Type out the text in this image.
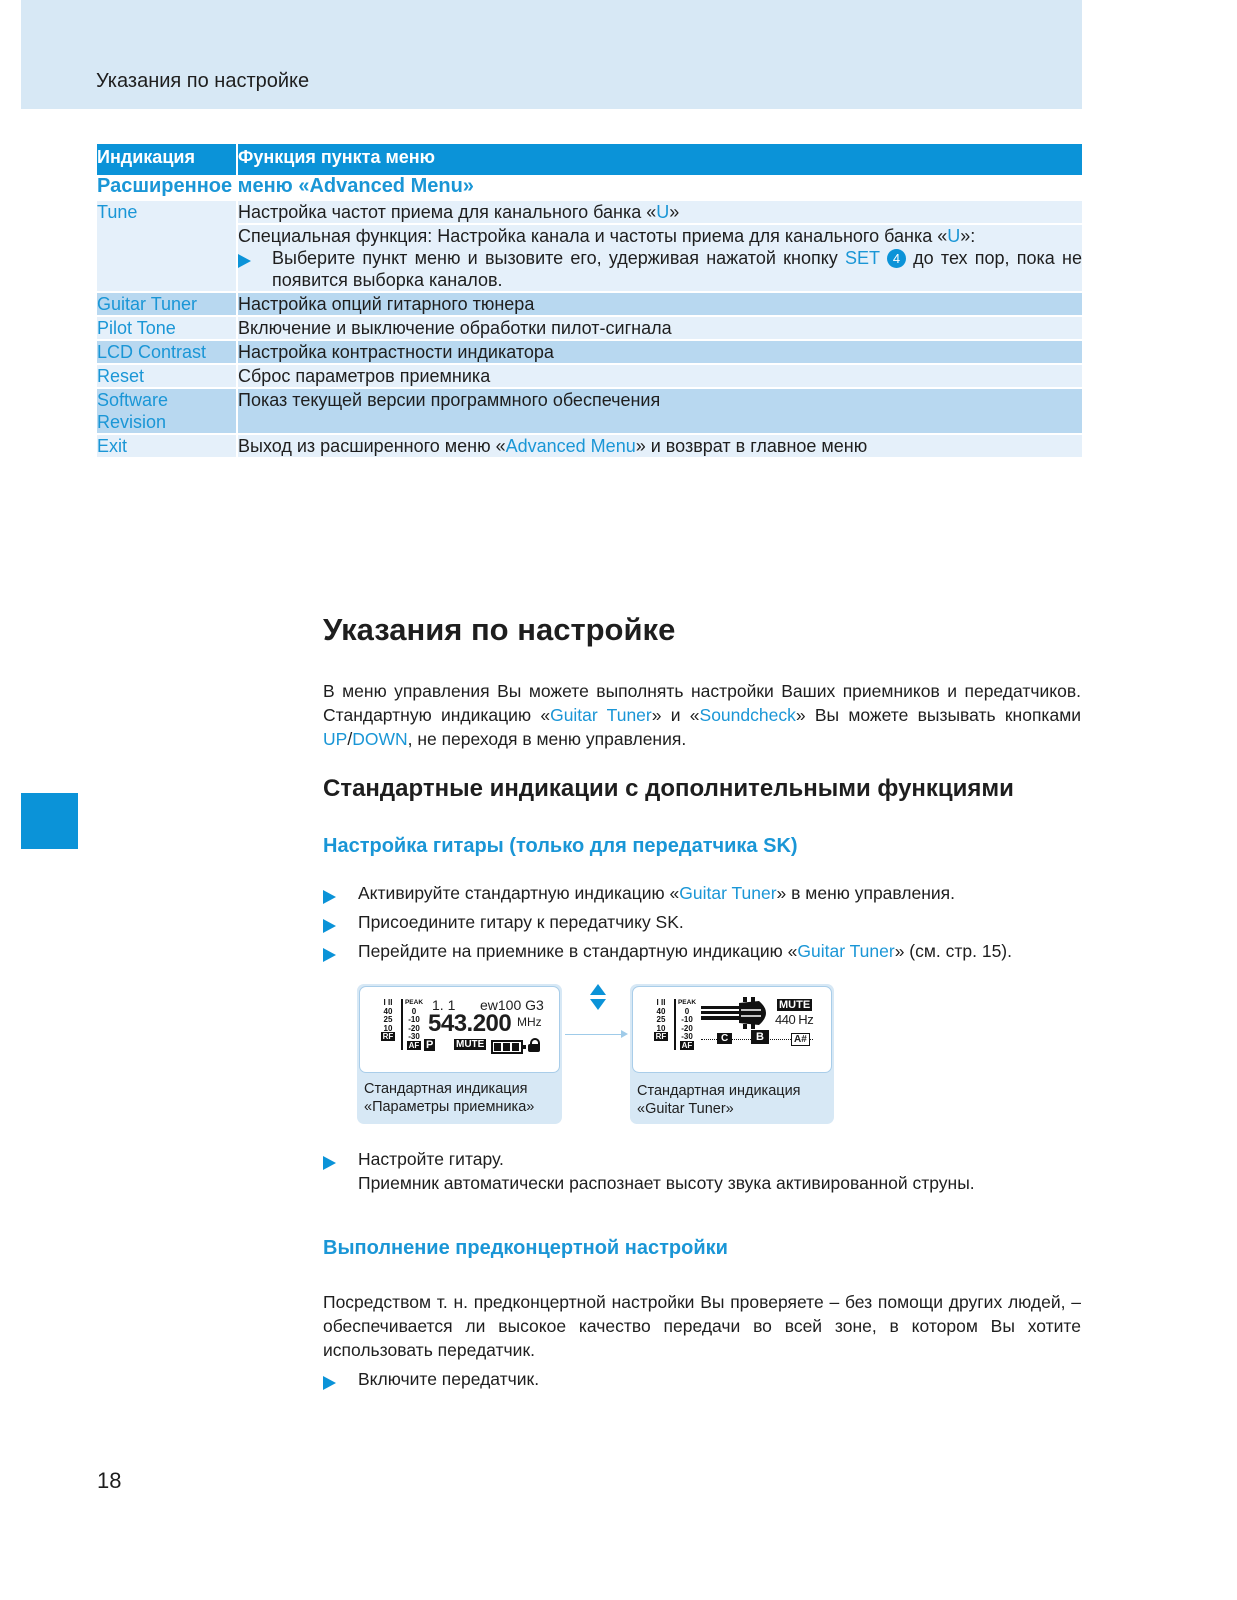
Указания по настройке
Индикация	Функция пункта меню
Расширенное меню «Advanced Menu»	
Tune	Настройка частот приема для канального банка «U»

	Специальная функция: Настройка канала и частоты приема для канального банка «U»:
Выберите пункт меню и вызовите его, удерживая нажатой кнопку SET 4 до тех пор, пока не появится выборка каналов.

Guitar Tuner	Настройка опций гитарного тюнера
Pilot Tone	Включение и выключение обработки пилот-сигнала
LCD Contrast	Настройка контрастности индикатора
Reset	Сброс параметров приемника
Software Revision	Показ текущей версии программного обеспечения
Exit	Выход из расширенного меню «Advanced Menu» и возврат в главное меню
Указания по настройке
В меню управления Вы можете выполнять настройки Ваших приемников и передатчиков. Стандартную индикацию «Guitar Tuner» и «Soundcheck» Вы можете вызывать кнопками UP/DOWN, не переходя в меню управления.
Стандартные индикации с дополнительными функциями
Настройка гитары (только для передатчика SK)
Активируйте стандартную индикацию «Guitar Tuner» в меню управления.
Присоедините гитару к передатчику SK.
Перейдите на приемнике в стандартную индикацию «Guitar Tuner» (см. стр. 15).
I II
40
25
10
RF
PEAK
0
-10
-20
-30
AF
1. 1 ew100 G3
543.200 MHz
P MUTE
Стандартная индикация
«Параметры приемника»
I II
40
25
10
RF
PEAK
0
-10
-20
-30
AF
MUTE
440 Hz
C	B	A#
Стандартная индикация
«Guitar Tuner»
Настройте гитару.
Приемник автоматически распознает высоту звука активированной струны.
Выполнение предконцертной настройки
Посредством т. н. предконцертной настройки Вы проверяете – без помощи других людей, – обеспечивается ли высокое качество передачи во всей зоне, в котором Вы хотите использовать передатчик.
Включите передатчик.
18
